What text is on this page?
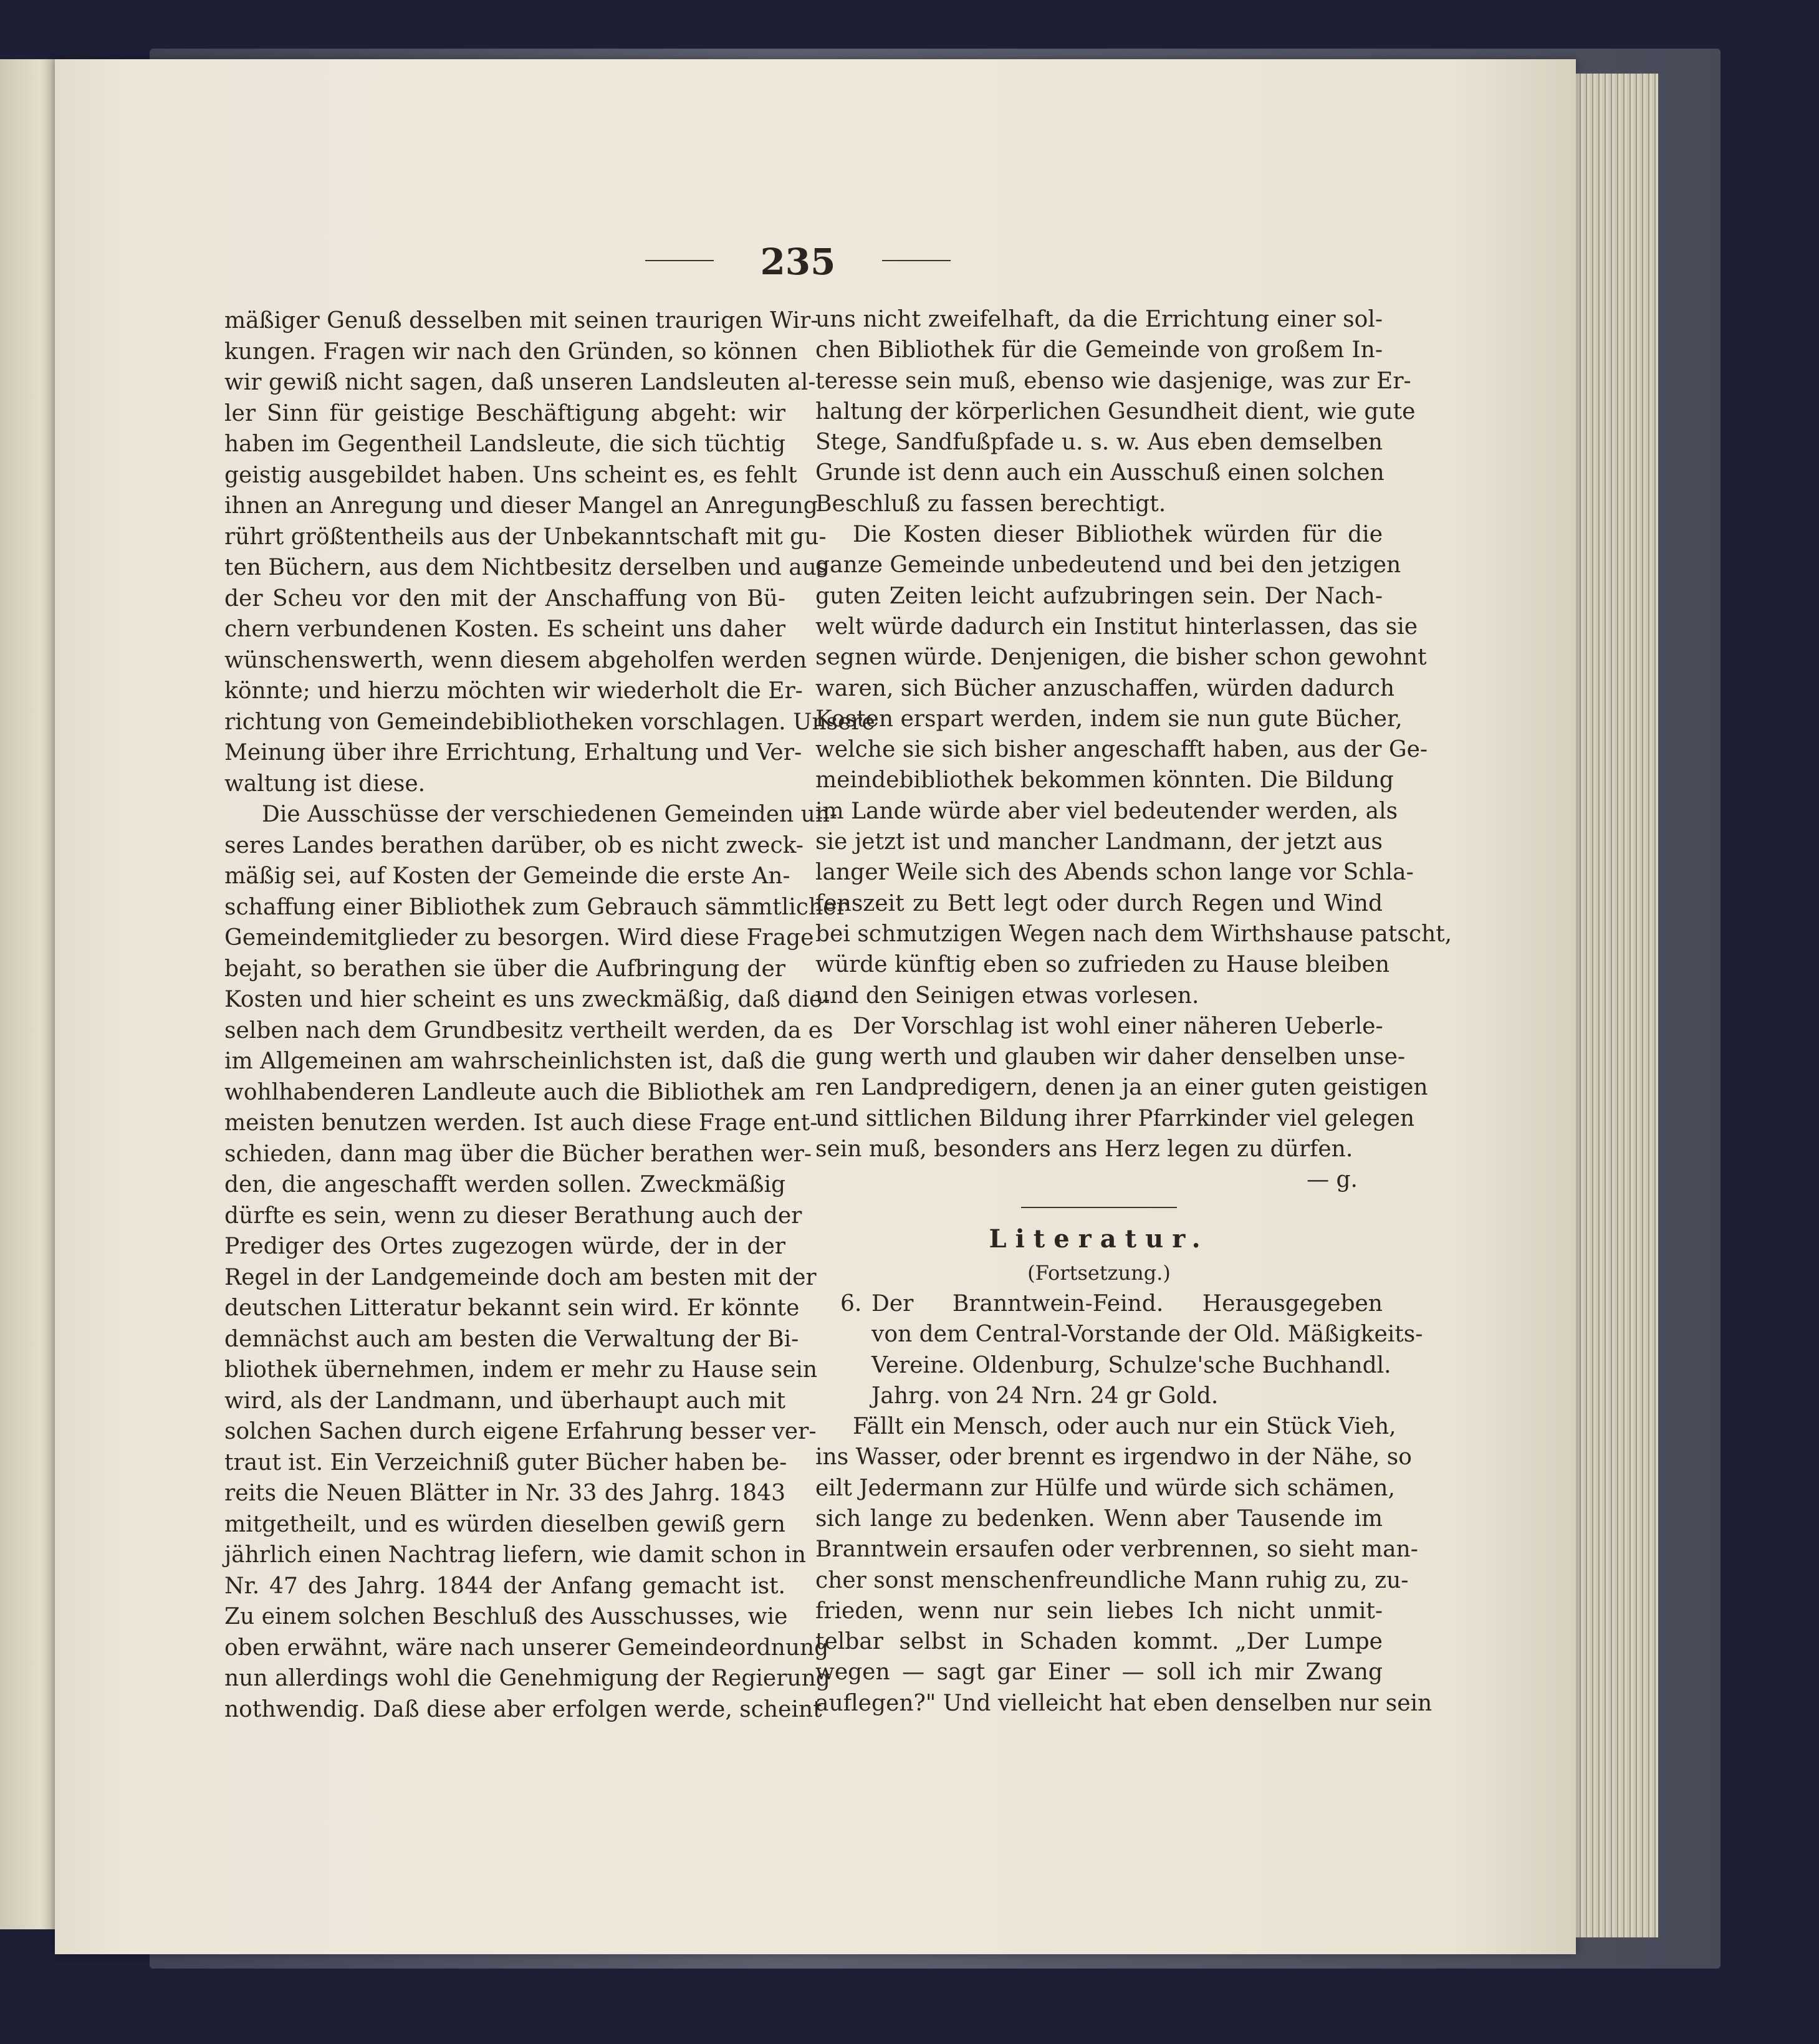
235
mäßiger Genuß desselben mit seinen traurigen Wir-
kungen. Fragen wir nach den Gründen, so können
wir gewiß nicht sagen, daß unseren Landsleuten al-
ler Sinn für geistige Beschäftigung abgeht: wir
haben im Gegentheil Landsleute, die sich tüchtig
geistig ausgebildet haben. Uns scheint es, es fehlt
ihnen an Anregung und dieser Mangel an Anregung
rührt größtentheils aus der Unbekanntschaft mit gu-
ten Büchern, aus dem Nichtbesitz derselben und aus
der Scheu vor den mit der Anschaffung von Bü-
chern verbundenen Kosten. Es scheint uns daher
wünschenswerth, wenn diesem abgeholfen werden
könnte; und hierzu möchten wir wiederholt die Er-
richtung von Gemeindebibliotheken vorschlagen. Unsere
Meinung über ihre Errichtung, Erhaltung und Ver-
waltung ist diese.
Die Ausschüsse der verschiedenen Gemeinden un-
seres Landes berathen darüber, ob es nicht zweck-
mäßig sei, auf Kosten der Gemeinde die erste An-
schaffung einer Bibliothek zum Gebrauch sämmtlicher
Gemeindemitglieder zu besorgen. Wird diese Frage
bejaht, so berathen sie über die Aufbringung der
Kosten und hier scheint es uns zweckmäßig, daß die-
selben nach dem Grundbesitz vertheilt werden, da es
im Allgemeinen am wahrscheinlichsten ist, daß die
wohlhabenderen Landleute auch die Bibliothek am
meisten benutzen werden. Ist auch diese Frage ent-
schieden, dann mag über die Bücher berathen wer-
den, die angeschafft werden sollen. Zweckmäßig
dürfte es sein, wenn zu dieser Berathung auch der
Prediger des Ortes zugezogen würde, der in der
Regel in der Landgemeinde doch am besten mit der
deutschen Litteratur bekannt sein wird. Er könnte
demnächst auch am besten die Verwaltung der Bi-
bliothek übernehmen, indem er mehr zu Hause sein
wird, als der Landmann, und überhaupt auch mit
solchen Sachen durch eigene Erfahrung besser ver-
traut ist. Ein Verzeichniß guter Bücher haben be-
reits die Neuen Blätter in Nr. 33 des Jahrg. 1843
mitgetheilt, und es würden dieselben gewiß gern
jährlich einen Nachtrag liefern, wie damit schon in
Nr. 47 des Jahrg. 1844 der Anfang gemacht ist.
Zu einem solchen Beschluß des Ausschusses, wie
oben erwähnt, wäre nach unserer Gemeindeordnung
nun allerdings wohl die Genehmigung der Regierung
nothwendig. Daß diese aber erfolgen werde, scheint
uns nicht zweifelhaft, da die Errichtung einer sol-
chen Bibliothek für die Gemeinde von großem In-
teresse sein muß, ebenso wie dasjenige, was zur Er-
haltung der körperlichen Gesundheit dient, wie gute
Stege, Sandfußpfade u. s. w. Aus eben demselben
Grunde ist denn auch ein Ausschuß einen solchen
Beschluß zu fassen berechtigt.
Die Kosten dieser Bibliothek würden für die
ganze Gemeinde unbedeutend und bei den jetzigen
guten Zeiten leicht aufzubringen sein. Der Nach-
welt würde dadurch ein Institut hinterlassen, das sie
segnen würde. Denjenigen, die bisher schon gewohnt
waren, sich Bücher anzuschaffen, würden dadurch
Kosten erspart werden, indem sie nun gute Bücher,
welche sie sich bisher angeschafft haben, aus der Ge-
meindebibliothek bekommen könnten. Die Bildung
im Lande würde aber viel bedeutender werden, als
sie jetzt ist und mancher Landmann, der jetzt aus
langer Weile sich des Abends schon lange vor Schla-
fenszeit zu Bett legt oder durch Regen und Wind
bei schmutzigen Wegen nach dem Wirthshause patscht,
würde künftig eben so zufrieden zu Hause bleiben
und den Seinigen etwas vorlesen.
Der Vorschlag ist wohl einer näheren Ueberle-
gung werth und glauben wir daher denselben unse-
ren Landpredigern, denen ja an einer guten geistigen
und sittlichen Bildung ihrer Pfarrkinder viel gelegen
sein muß, besonders ans Herz legen zu dürfen.
— g.
Literatur.
(Fortsetzung.)
6. Der Branntwein-Feind. Herausgegeben
von dem Central-Vorstande der Old. Mäßigkeits-
Vereine. Oldenburg, Schulze'sche Buchhandl.
Jahrg. von 24 Nrn. 24 gr Gold.
Fällt ein Mensch, oder auch nur ein Stück Vieh,
ins Wasser, oder brennt es irgendwo in der Nähe, so
eilt Jedermann zur Hülfe und würde sich schämen,
sich lange zu bedenken. Wenn aber Tausende im
Branntwein ersaufen oder verbrennen, so sieht man-
cher sonst menschenfreundliche Mann ruhig zu, zu-
frieden, wenn nur sein liebes Ich nicht unmit-
telbar selbst in Schaden kommt. „Der Lumpe
wegen — sagt gar Einer — soll ich mir Zwang
auflegen?" Und vielleicht hat eben denselben nur sein
